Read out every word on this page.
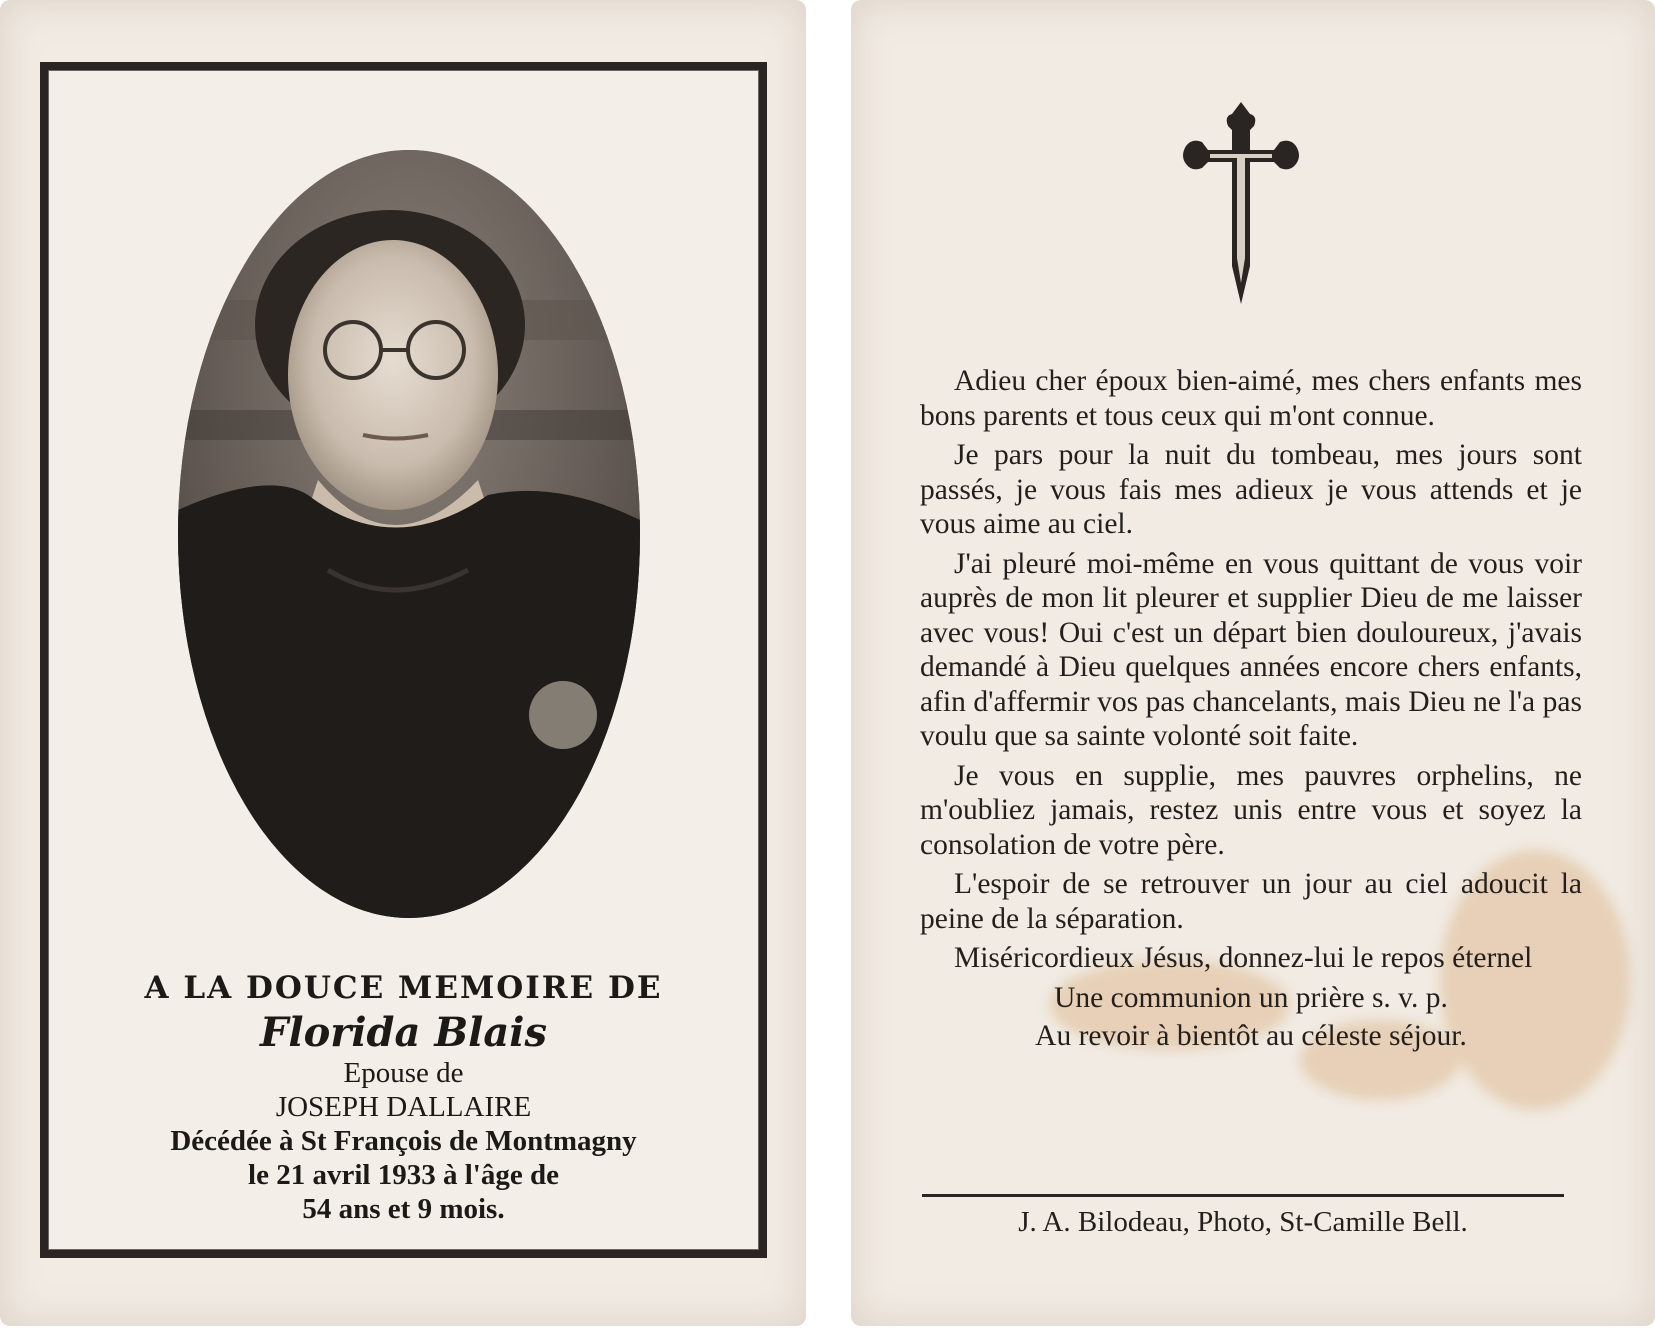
A LA DOUCE MEMOIRE DE

Florida Blais

Epouse de

JOSEPH DALLAIRE

Décédée à St François de Montmagny

le 21 avril 1933 à l'âge de

54 ans et 9 mois.

Adieu cher époux bien-aimé, mes chers enfants mes bons parents et tous ceux qui m'ont connue.

Je pars pour la nuit du tombeau, mes jours sont passés, je vous fais mes adieux je vous attends et je vous aime au ciel.

J'ai pleuré moi-même en vous quittant de vous voir auprès de mon lit pleurer et supplier Dieu de me laisser avec vous! Oui c'est un départ bien douloureux, j'avais demandé à Dieu quelques années encore chers enfants, afin d'affermir vos pas chancelants, mais Dieu ne l'a pas voulu que sa sainte volonté soit faite.

Je vous en supplie, mes pauvres orphelins, ne m'oubliez jamais, restez unis entre vous et soyez la consolation de votre père.

L'espoir de se retrouver un jour au ciel adoucit la peine de la séparation.

Miséricordieux Jésus, donnez-lui le repos éternel

Une communion un prière s. v. p.

Au revoir à bientôt au céleste séjour.

J. A. Bilodeau, Photo, St-Camille Bell.
